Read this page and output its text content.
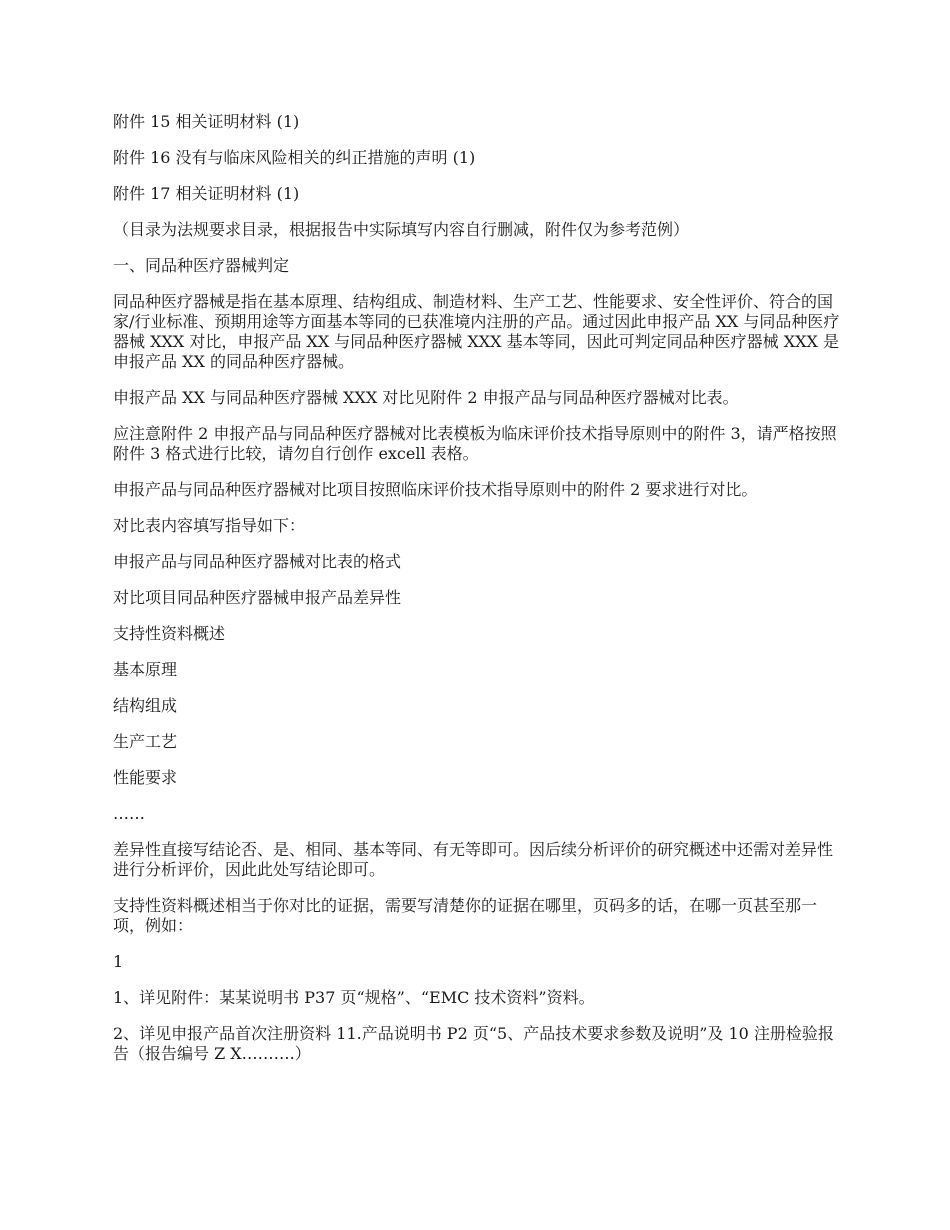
附件 15 相关证明材料 (1)

附件 16 没有与临床风险相关的纠正措施的声明 (1)

附件 17 相关证明材料 (1)

（目录为法规要求目录，根据报告中实际填写内容自行删减，附件仅为参考范例）

一、同品种医疗器械判定

同品种医疗器械是指在基本原理、结构组成、制造材料、生产工艺、性能要求、安全性评价、符合的国家/行业标准、预期用途等方面基本等同的已获准境内注册的产品。通过因此申报产品 XX 与同品种医疗器械 XXX 对比，申报产品 XX 与同品种医疗器械 XXX 基本等同，因此可判定同品种医疗器械 XXX 是申报产品 XX 的同品种医疗器械。

申报产品 XX 与同品种医疗器械 XXX 对比见附件 2 申报产品与同品种医疗器械对比表。

应注意附件 2 申报产品与同品种医疗器械对比表模板为临床评价技术指导原则中的附件 3，请严格按照附件 3 格式进行比较，请勿自行创作 excell 表格。

申报产品与同品种医疗器械对比项目按照临床评价技术指导原则中的附件 2 要求进行对比。

对比表内容填写指导如下：

申报产品与同品种医疗器械对比表的格式

对比项目同品种医疗器械申报产品差异性

支持性资料概述

基本原理

结构组成

生产工艺

性能要求

……

差异性直接写结论否、是、相同、基本等同、有无等即可。因后续分析评价的研究概述中还需对差异性进行分析评价，因此此处写结论即可。

支持性资料概述相当于你对比的证据，需要写清楚你的证据在哪里，页码多的话，在哪一页甚至那一项，例如：

1

1、详见附件：某某说明书 P37 页“规格”、“EMC 技术资料”资料。

2、详见申报产品首次注册资料 11.产品说明书 P2 页“5、产品技术要求参数及说明”及 10 注册检验报告（报告编号 Z X……….）
